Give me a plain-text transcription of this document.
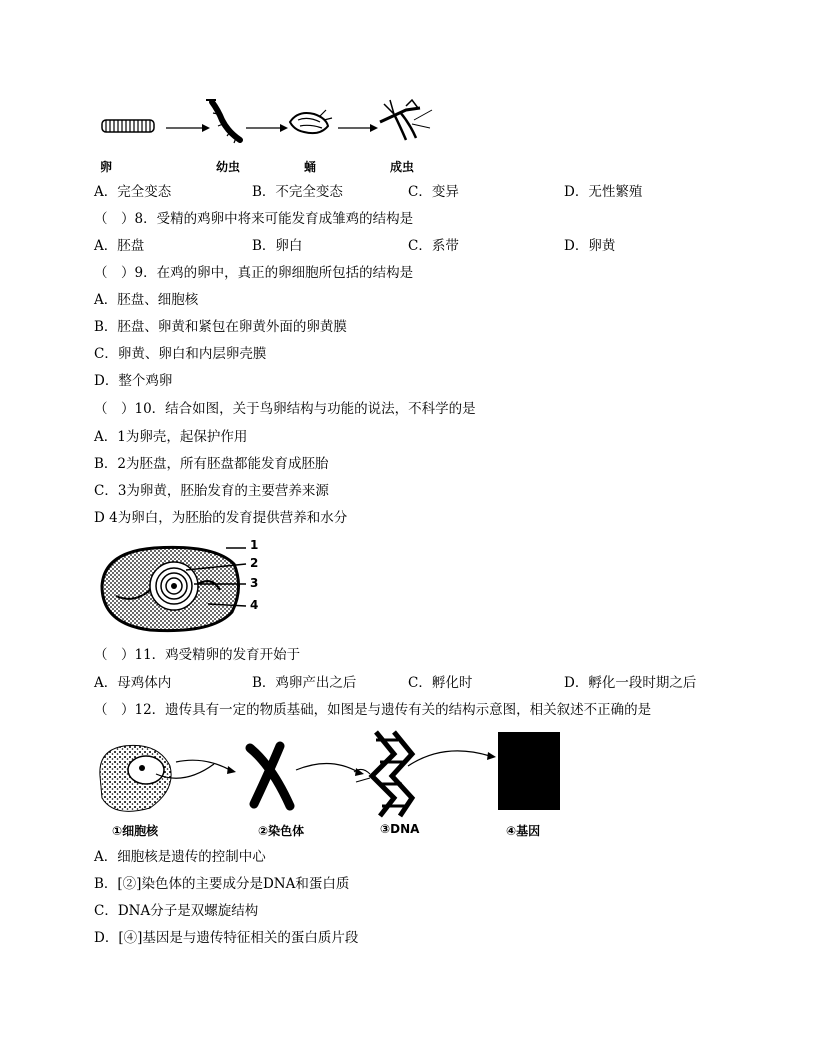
卵	幼虫	蛹	成虫
A．完全变态	B．不完全变态	C．变异	D．无性繁殖
（　）8．受精的鸡卵中将来可能发育成雏鸡的结构是
A．胚盘	B．卵白	C．系带	D．卵黄
（　）9．在鸡的卵中，真正的卵细胞所包括的结构是
A．胚盘、细胞核
B．胚盘、卵黄和紧包在卵黄外面的卵黄膜
C．卵黄、卵白和内层卵壳膜
D．整个鸡卵
（　）10．结合如图，关于鸟卵结构与功能的说法，不科学的是
A．1为卵壳，起保护作用
B．2为胚盘，所有胚盘都能发育成胚胎
C．3为卵黄，胚胎发育的主要营养来源
D 4为卵白，为胚胎的发育提供营养和水分
1
2
3
4
（　）11．鸡受精卵的发育开始于
A．母鸡体内	B．鸡卵产出之后	C．孵化时	D．孵化一段时期之后
（　）12．遗传具有一定的物质基础，如图是与遗传有关的结构示意图，相关叙述不正确的是
①细胞核	②染色体	③DNA	④基因
A．细胞核是遗传的控制中心
B．[②]染色体的主要成分是DNA和蛋白质
C．DNA分子是双螺旋结构
D．[④]基因是与遗传特征相关的蛋白质片段
